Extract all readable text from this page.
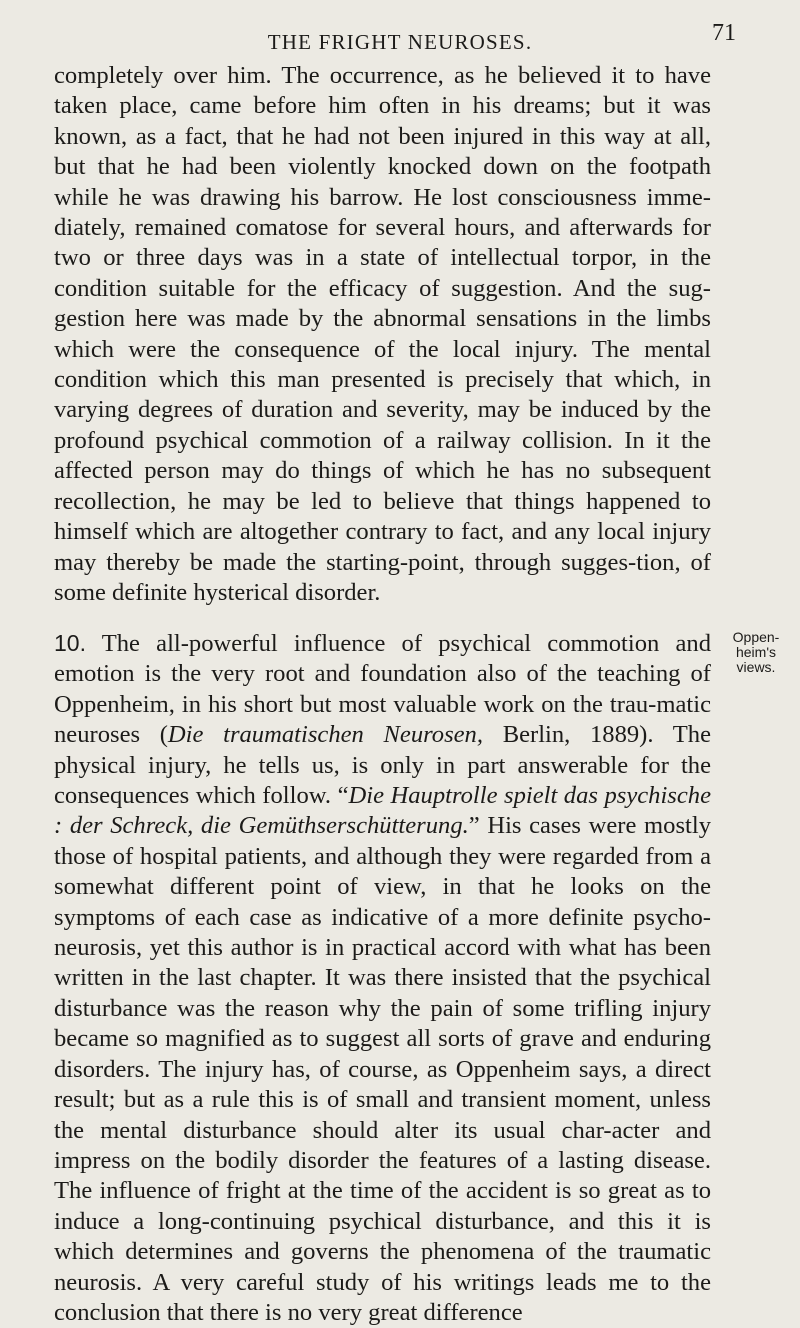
THE FRIGHT NEUROSES.	71

completely over him. The occurrence, as he believed it to have taken place, came before him often in his dreams; but it was known, as a fact, that he had not been injured in this way at all, but that he had been violently knocked down on the footpath while he was drawing his barrow. He lost consciousness imme-diately, remained comatose for several hours, and afterwards for two or three days was in a state of intellectual torpor, in the condition suitable for the efficacy of suggestion. And the sug-gestion here was made by the abnormal sensations in the limbs which were the consequence of the local injury. The mental condition which this man presented is precisely that which, in varying degrees of duration and severity, may be induced by the profound psychical commotion of a railway collision. In it the affected person may do things of which he has no subsequent recollection, he may be led to believe that things happened to himself which are altogether contrary to fact, and any local injury may thereby be made the starting-point, through sugges-tion, of some definite hysterical disorder.

10. The all-powerful influence of psychical commotion and emotion is the very root and foundation also of the teaching of Oppenheim, in his short but most valuable work on the trau-matic neuroses (Die traumatischen Neurosen, Berlin, 1889). The physical injury, he tells us, is only in part answerable for the consequences which follow. “Die Hauptrolle spielt das psychische : der Schreck, die Gemüthserschütterung.” His cases were mostly those of hospital patients, and although they were regarded from a somewhat different point of view, in that he looks on the symptoms of each case as indicative of a more definite psycho-neurosis, yet this author is in practical accord with what has been written in the last chapter. It was there insisted that the psychical disturbance was the reason why the pain of some trifling injury became so magnified as to suggest all sorts of grave and enduring disorders. The injury has, of course, as Oppenheim says, a direct result; but as a rule this is of small and transient moment, unless the mental disturbance should alter its usual char-acter and impress on the bodily disorder the features of a lasting disease. The influence of fright at the time of the accident is so great as to induce a long-continuing psychical disturbance, and this it is which determines and governs the phenomena of the traumatic neurosis. A very careful study of his writings leads me to the conclusion that there is no very great difference

Oppen-
heim's
views.
